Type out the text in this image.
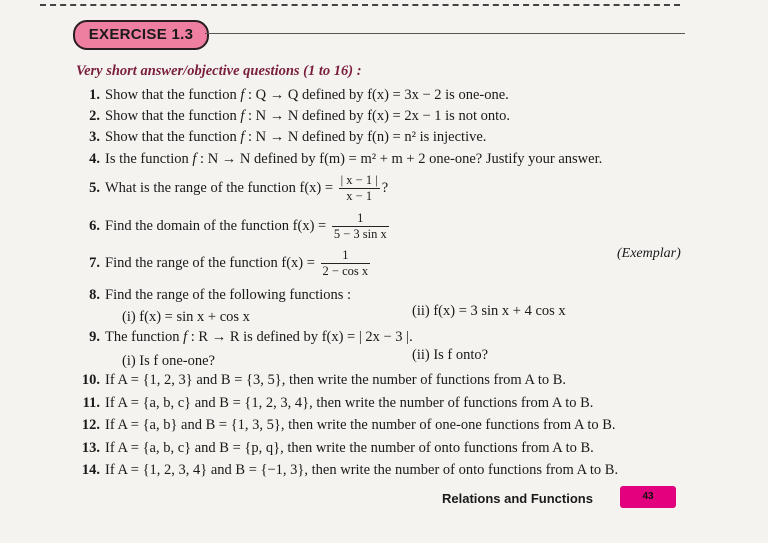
EXERCISE 1.3
Very short answer/objective questions (1 to 16) :
1. Show that the function f : Q → Q defined by f(x) = 3x − 2 is one-one.
2. Show that the function f : N → N defined by f(x) = 2x − 1 is not onto.
3. Show that the function f : N → N defined by f(n) = n² is injective.
4. Is the function f : N → N defined by f(m) = m² + m + 2 one-one? Justify your answer.
5. What is the range of the function $f(x) = \frac{| x - 1 |}{x - 1}$ ?
6. Find the domain of the function $f(x) = \frac{1}{\text{5 − 3 sin x}}$
7. Find the range of the function $f(x) = \frac{1}{\text{2 − cos x}}$	(Exemplar)
8. Find the range of the following functions :
(i) f(x) = sin x + cos x	(ii) f(x) = 3 sin x + 4 cos x
9. The function f : R → R is defined by f(x) = | 2x − 3 |.
(i) Is f one-one?	(ii) Is f onto?
10. If A = {1, 2, 3} and B = {3, 5}, then write the number of functions from A to B.
11. If A = {a, b, c} and B = {1, 2, 3, 4}, then write the number of functions from A to B.
12. If A = {a, b} and B = {1, 3, 5}, then write the number of one-one functions from A to B.
13. If A = {a, b, c} and B = {p, q}, then write the number of onto functions from A to B.
14. If A = {1, 2, 3, 4} and B = {−1, 3}, then write the number of onto functions from A to B.
Relations and Functions	43
